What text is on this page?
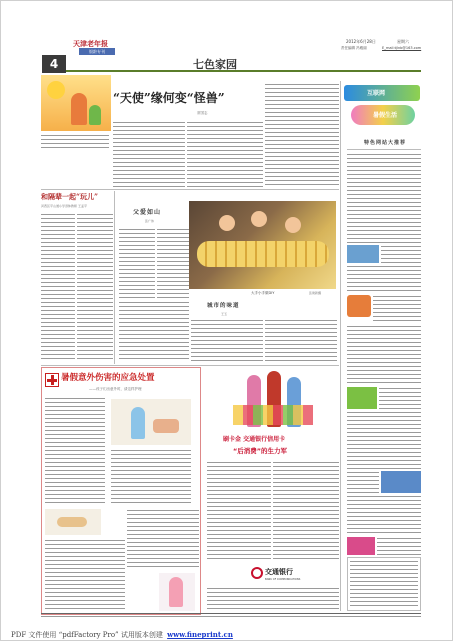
天津老年报
银龄专刊
4	七色家园
2012年6月28日	星期六
责任编辑 冯雅丽	E_mail:tjlnb@163.com
“天使”缘何变“怪兽”
常国志
和隔辈一起“玩儿”
河西区平山道小学退休教师 王孟平
父爱如山
张广伟
大手小手做DIY	张建新摄
城市的味道
王玉
暑假意外伤害的应急处置
——孩子们出意外时，请这样护理
刷卡金 交通银行信用卡
“后消费”的生力军
交通银行
BANK OF COMMUNICATIONS
互联网
暑假生活
特色网站大推荐
PDF 文件使用 “pdfFactory Pro” 试用版本创建 www.fineprint.cn
